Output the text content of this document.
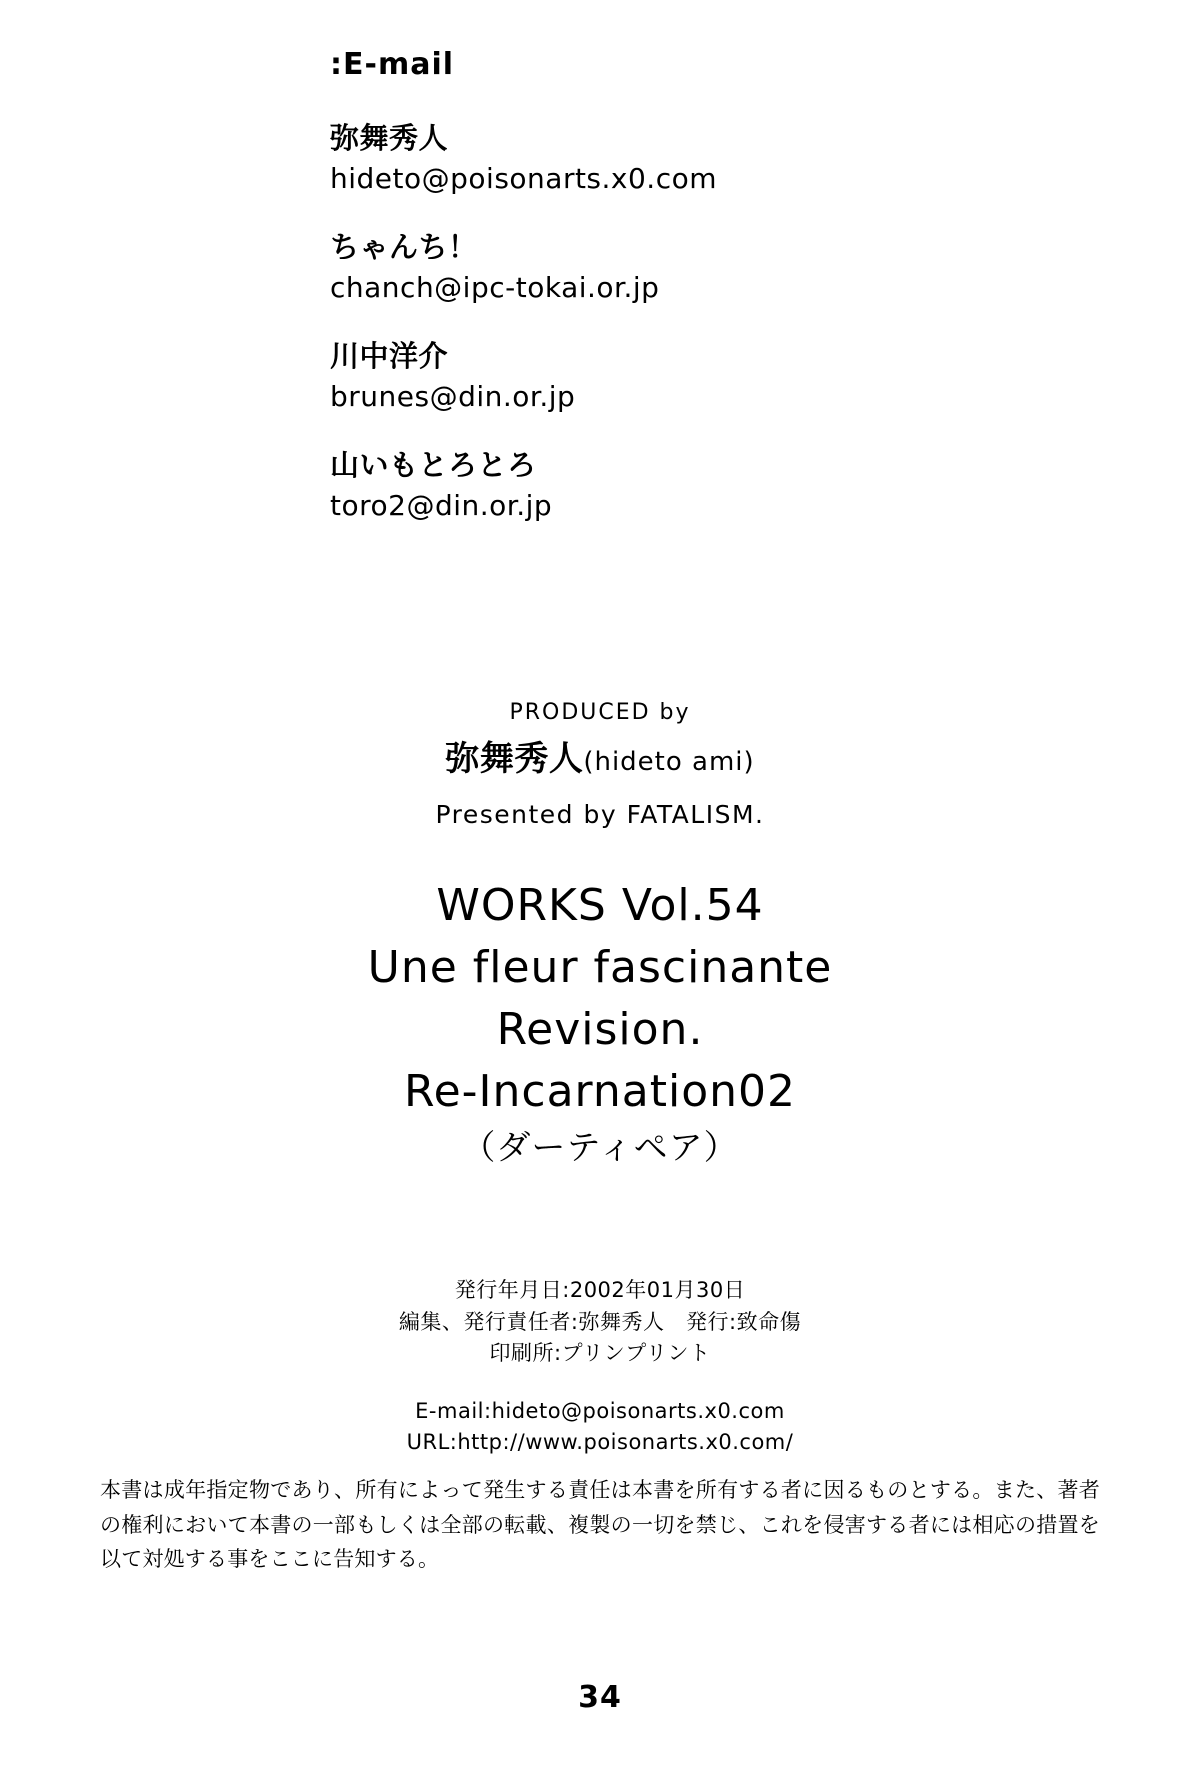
:E-mail

弥舞秀人

hideto@poisonarts.x0.com

ちゃんち！

chanch@ipc-tokai.or.jp

川中洋介

brunes@din.or.jp

山いもとろとろ

toro2@din.or.jp

PRODUCED by

弥舞秀人(hideto ami)

Presented by FATALISM.

WORKS Vol.54

Une fleur fascinante

Revision.

Re-Incarnation02

（ダーティペア）

発行年月日:2002年01月30日

編集、発行責任者:弥舞秀人　発行:致命傷

印刷所:プリンプリント

E-mail:hideto@poisonarts.x0.com

URL:http://www.poisonarts.x0.com/

本書は成年指定物であり、所有によって発生する責任は本書を所有する者に因るものとする。また、著者の権利において本書の一部もしくは全部の転載、複製の一切を禁じ、これを侵害する者には相応の措置を以て対処する事をここに告知する。

34
